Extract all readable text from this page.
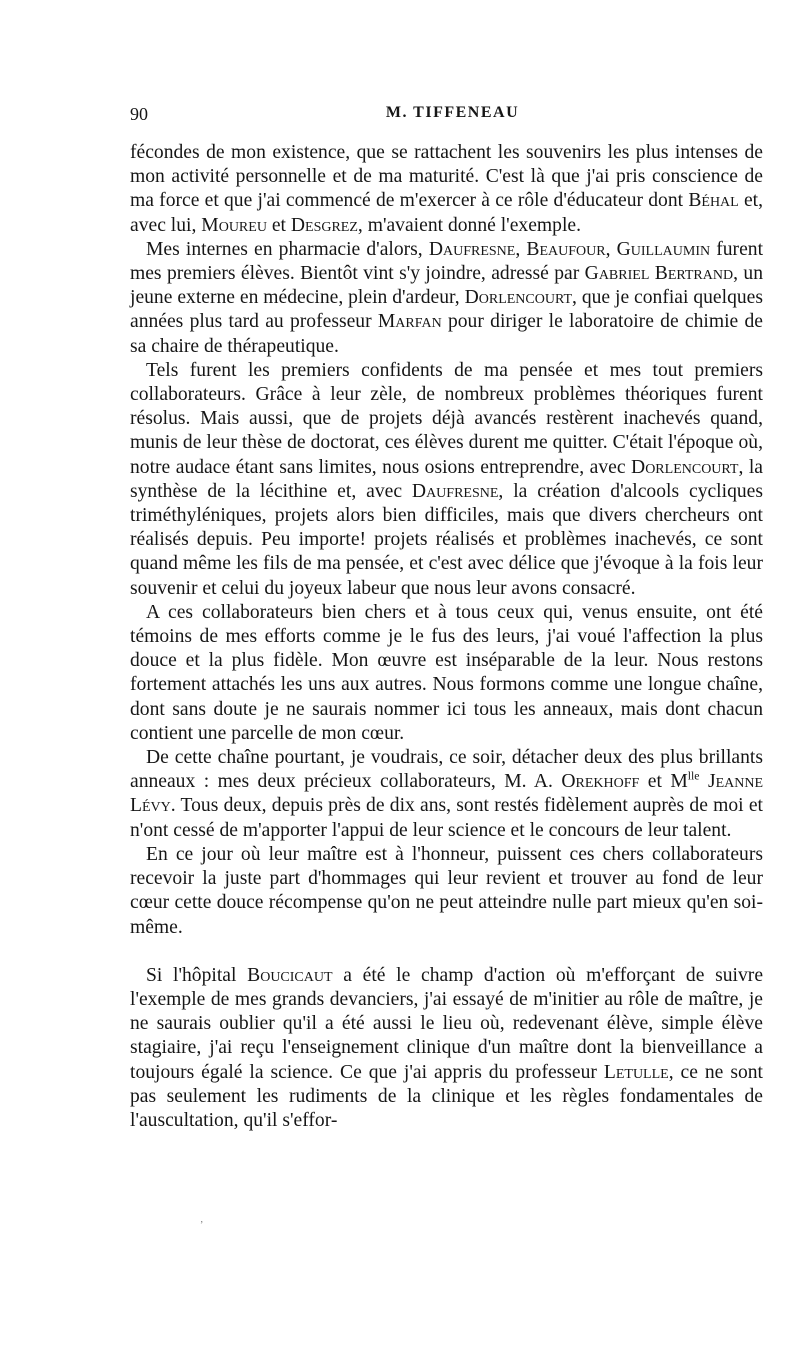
90	M. TIFFENEAU

fécondes de mon existence, que se rattachent les souvenirs les plus intenses de mon activité personnelle et de ma maturité. C'est là que j'ai pris conscience de ma force et que j'ai commencé de m'exercer à ce rôle d'éducateur dont Béhal et, avec lui, Moureu et Desgrez, m'avaient donné l'exemple.

Mes internes en pharmacie d'alors, Daufresne, Beaufour, Guillaumin furent mes premiers élèves. Bientôt vint s'y joindre, adressé par Gabriel Bertrand, un jeune externe en médecine, plein d'ardeur, Dorlencourt, que je confiai quelques années plus tard au professeur Marfan pour diriger le laboratoire de chimie de sa chaire de thérapeutique.

Tels furent les premiers confidents de ma pensée et mes tout premiers collaborateurs. Grâce à leur zèle, de nombreux problèmes théoriques furent résolus. Mais aussi, que de projets déjà avancés restèrent inachevés quand, munis de leur thèse de doctorat, ces élèves durent me quitter. C'était l'époque où, notre audace étant sans limites, nous osions entreprendre, avec Dorlencourt, la synthèse de la lécithine et, avec Daufresne, la création d'alcools cycliques triméthyléniques, projets alors bien difficiles, mais que divers chercheurs ont réalisés depuis. Peu importe! projets réalisés et problèmes inachevés, ce sont quand même les fils de ma pensée, et c'est avec délice que j'évoque à la fois leur souvenir et celui du joyeux labeur que nous leur avons consacré.

A ces collaborateurs bien chers et à tous ceux qui, venus ensuite, ont été témoins de mes efforts comme je le fus des leurs, j'ai voué l'affection la plus douce et la plus fidèle. Mon œuvre est inséparable de la leur. Nous restons fortement attachés les uns aux autres. Nous formons comme une longue chaîne, dont sans doute je ne saurais nommer ici tous les anneaux, mais dont chacun contient une parcelle de mon cœur.

De cette chaîne pourtant, je voudrais, ce soir, détacher deux des plus brillants anneaux : mes deux précieux collaborateurs, M. A. Orekhoff et $M^{lle}$ Jeanne Lévy. Tous deux, depuis près de dix ans, sont restés fidèlement auprès de moi et n'ont cessé de m'apporter l'appui de leur science et le concours de leur talent.

En ce jour où leur maître est à l'honneur, puissent ces chers collaborateurs recevoir la juste part d'hommages qui leur revient et trouver au fond de leur cœur cette douce récompense qu'on ne peut atteindre nulle part mieux qu'en soi-même.

Si l'hôpital Boucicaut a été le champ d'action où m'efforçant de suivre l'exemple de mes grands devanciers, j'ai essayé de m'initier au rôle de maître, je ne saurais oublier qu'il a été aussi le lieu où, redevenant élève, simple élève stagiaire, j'ai reçu l'enseignement clinique d'un maître dont la bienveillance a toujours égalé la science. Ce que j'ai appris du professeur Letulle, ce ne sont pas seulement les rudiments de la clinique et les règles fondamentales de l'auscultation, qu'il s'effor-

‚
